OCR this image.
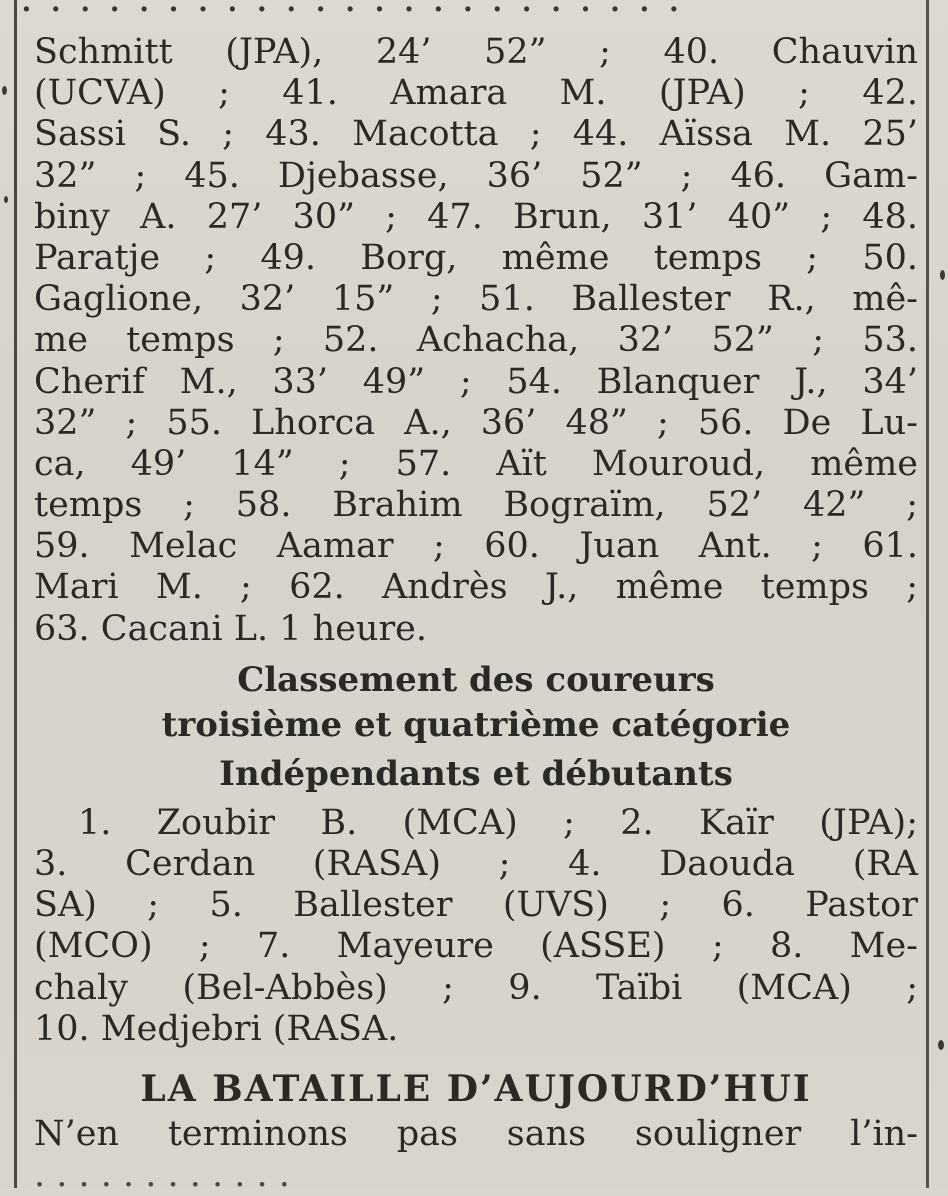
Schmitt (JPA), 24’ 52” ; 40. Chauvin
(UCVA) ; 41. Amara M. (JPA) ; 42.
Sassi S. ; 43. Macotta ; 44. Aïssa M. 25’
32” ; 45. Djebasse, 36’ 52” ; 46. Gam-
biny A. 27’ 30” ; 47. Brun, 31’ 40” ; 48.
Paratje ; 49. Borg, même temps ; 50.
Gaglione, 32’ 15” ; 51. Ballester R., mê-
me temps ; 52. Achacha, 32’ 52” ; 53.
Cherif M., 33’ 49” ; 54. Blanquer J., 34’
32” ; 55. Lhorca A., 36’ 48” ; 56. De Lu-
ca, 49’ 14” ; 57. Aït Mouroud, même
temps ; 58. Brahim Bograïm, 52’ 42” ;
59. Melac Aamar ; 60. Juan Ant. ; 61.
Mari M. ; 62. Andrès J., même temps ;
63. Cacani L. 1 heure.
Classement des coureurs
troisième et quatrième catégorie
Indépendants et débutants
1. Zoubir B. (MCA) ; 2. Kaïr (JPA);
3. Cerdan (RASA) ; 4. Daouda (RA
SA) ; 5. Ballester (UVS) ; 6. Pastor
(MCO) ; 7. Mayeure (ASSE) ; 8. Me-
chaly (Bel-Abbès) ; 9. Taïbi (MCA) ;
10. Medjebri (RASA.
LA BATAILLE D’AUJOURD’HUI
N’en terminons pas sans souligner l’in-
. . . . . . . . . . . .
